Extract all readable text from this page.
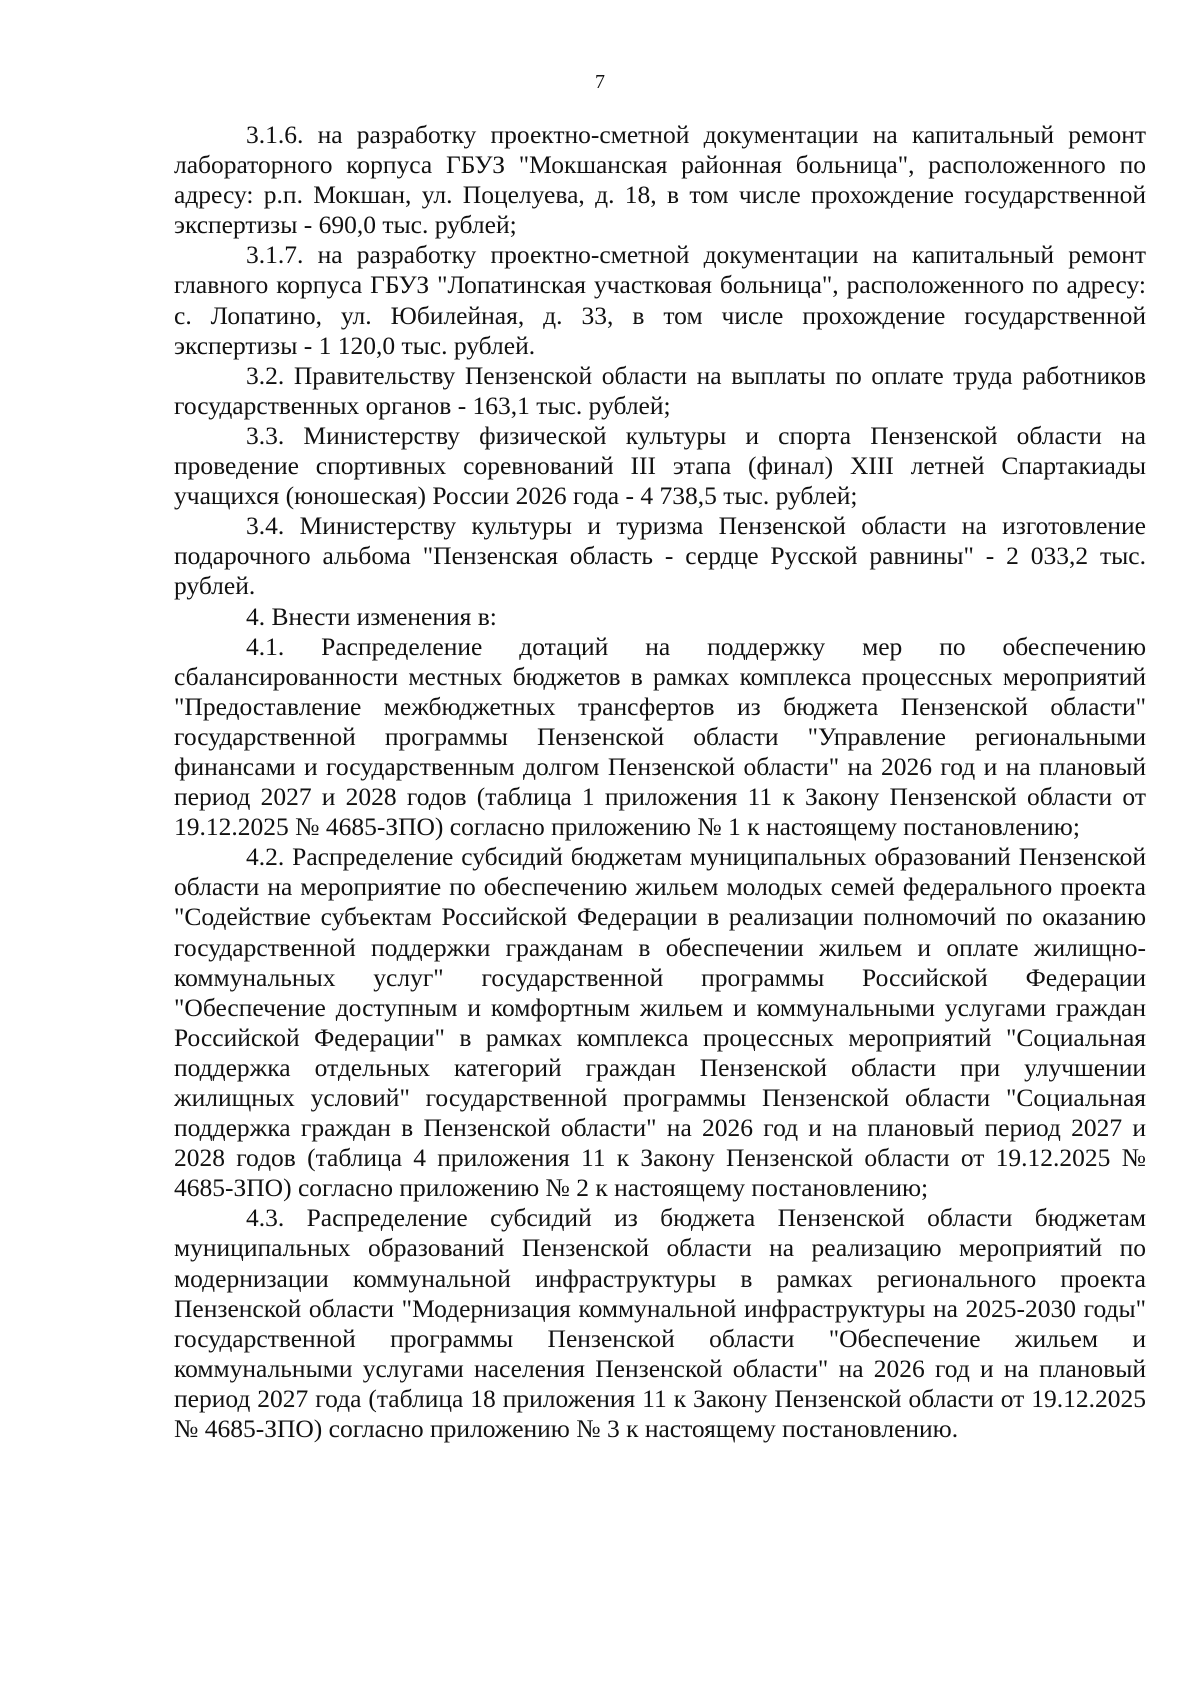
7

3.1.6. на разработку проектно-сметной документации на капитальный ремонт лабораторного корпуса ГБУЗ "Мокшанская районная больница", расположенного по адресу: р.п. Мокшан, ул. Поцелуева, д. 18, в том числе прохождение государственной экспертизы - 690,0 тыс. рублей;

3.1.7. на разработку проектно-сметной документации на капитальный ремонт главного корпуса ГБУЗ "Лопатинская участковая больница", расположенного по адресу: с. Лопатино, ул. Юбилейная, д. 33, в том числе прохождение государственной экспертизы - 1 120,0 тыс. рублей.

3.2. Правительству Пензенской области на выплаты по оплате труда работников государственных органов - 163,1 тыс. рублей;

3.3. Министерству физической культуры и спорта Пензенской области на проведение спортивных соревнований III этапа (финал) XIII летней Спартакиады учащихся (юношеская) России 2026 года - 4 738,5 тыс. рублей;

3.4. Министерству культуры и туризма Пензенской области на изготовление подарочного альбома "Пензенская область - сердце Русской равнины" - 2 033,2 тыс. рублей.

4. Внести изменения в:

4.1. Распределение дотаций на поддержку мер по обеспечению сбалансированности местных бюджетов в рамках комплекса процессных мероприятий "Предоставление межбюджетных трансфертов из бюджета Пензенской области" государственной программы Пензенской области "Управление региональными финансами и государственным долгом Пензенской области" на 2026 год и на плановый период 2027 и 2028 годов (таблица 1 приложения 11 к Закону Пензенской области от 19.12.2025 № 4685-ЗПО) согласно приложению № 1 к настоящему постановлению;

4.2. Распределение субсидий бюджетам муниципальных образований Пензенской области на мероприятие по обеспечению жильем молодых семей федерального проекта "Содействие субъектам Российской Федерации в реализации полномочий по оказанию государственной поддержки гражданам в обеспечении жильем и оплате жилищно-коммунальных услуг" государственной программы Российской Федерации "Обеспечение доступным и комфортным жильем и коммунальными услугами граждан Российской Федерации" в рамках комплекса процессных мероприятий "Социальная поддержка отдельных категорий граждан Пензенской области при улучшении жилищных условий" государственной программы Пензенской области "Социальная поддержка граждан в Пензенской области" на 2026 год и на плановый период 2027 и 2028 годов (таблица 4 приложения 11 к Закону Пензенской области от 19.12.2025 № 4685-ЗПО) согласно приложению № 2 к настоящему постановлению;

4.3. Распределение субсидий из бюджета Пензенской области бюджетам муниципальных образований Пензенской области на реализацию мероприятий по модернизации коммунальной инфраструктуры в рамках регионального проекта Пензенской области "Модернизация коммунальной инфраструктуры на 2025-2030 годы" государственной программы Пензенской области "Обеспечение жильем и коммунальными услугами населения Пензенской области" на 2026 год и на плановый период 2027 года (таблица 18 приложения 11 к Закону Пензенской области от 19.12.2025 № 4685-ЗПО) согласно приложению № 3 к настоящему постановлению.
